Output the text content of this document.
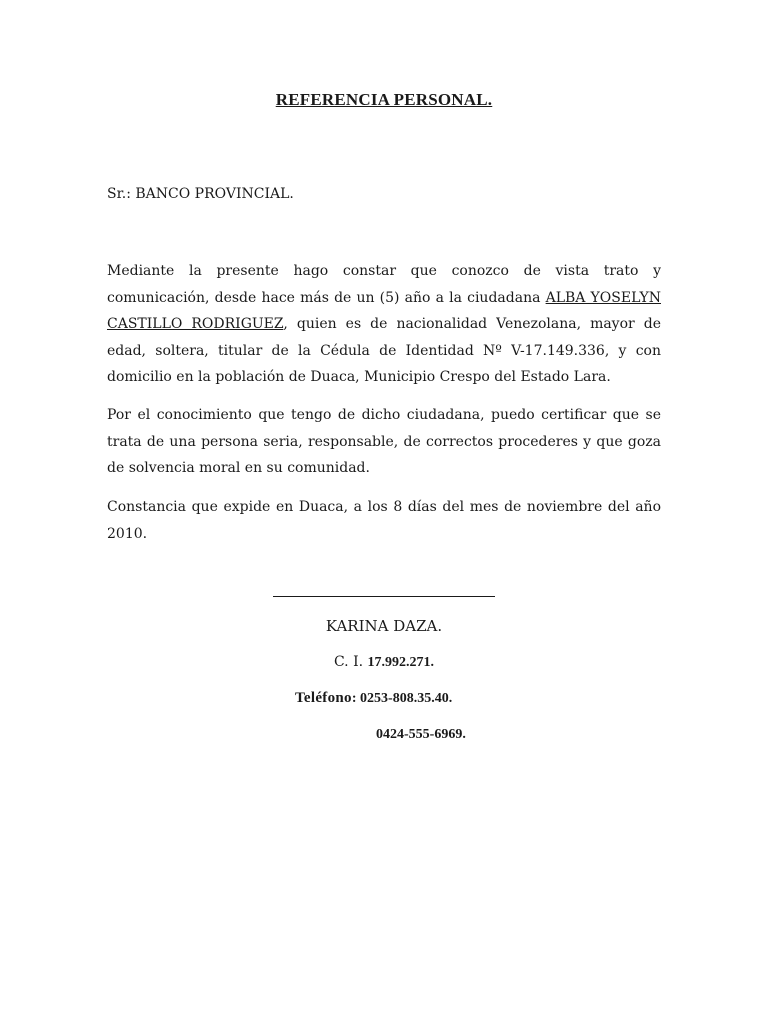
REFERENCIA PERSONAL.
Sr.: BANCO PROVINCIAL.

Mediante la presente hago constar que conozco de vista trato y comunicación, desde hace más de un (5) año a la ciudadana ALBA YOSELYN CASTILLO RODRIGUEZ, quien es de nacionalidad Venezolana, mayor de edad, soltera, titular de la Cédula de Identidad Nº V-17.149.336, y con domicilio en la población de Duaca, Municipio Crespo del Estado Lara.

Por el conocimiento que tengo de dicho ciudadana, puedo certificar que se trata de una persona seria, responsable, de correctos procederes y que goza de solvencia moral en su comunidad.

Constancia que expide en Duaca, a los 8 días del mes de noviembre del año 2010.

KARINA DAZA.
C. I. 17.992.271.
Teléfono: 0253-808.35.40.
0424-555-6969.
